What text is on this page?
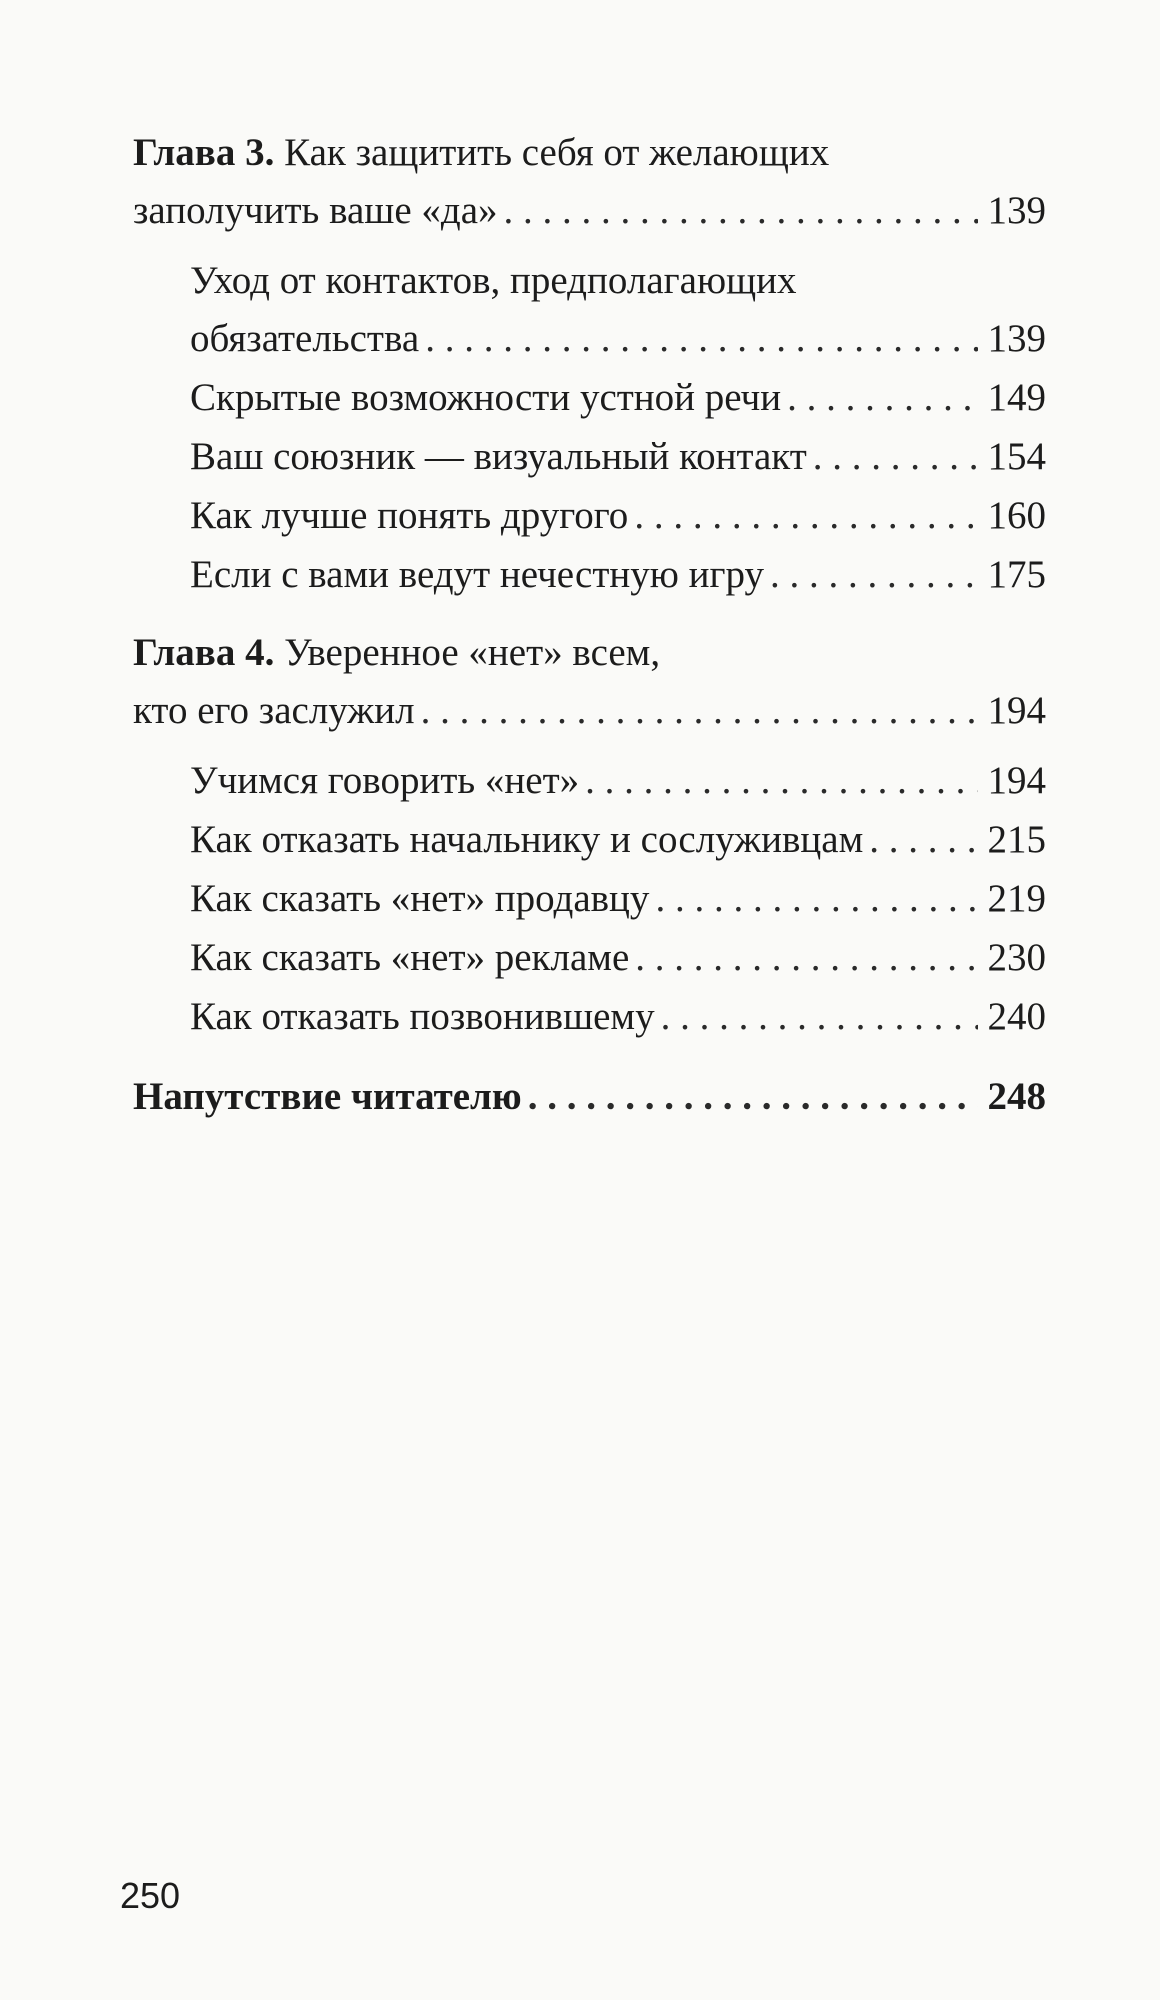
Глава 3. Как защитить себя от желающих
заполучить ваше «да» . . .	139
Уход от контактов, предполагающих
обязательства . . .	139
Скрытые возможности устной речи . . .	149
Ваш союзник — визуальный контакт . . .	154
Как лучше понять другого . . .	160
Если с вами ведут нечестную игру . . .	175
Глава 4. Уверенное «нет» всем,
кто его заслужил . . .	194
Учимся говорить «нет» . . .	194
Как отказать начальнику и сослуживцам . . .	215
Как сказать «нет» продавцу . . .	219
Как сказать «нет» рекламе . . .	230
Как отказать позвонившему . . .	240
Напутствие читателю . . .	248
250
